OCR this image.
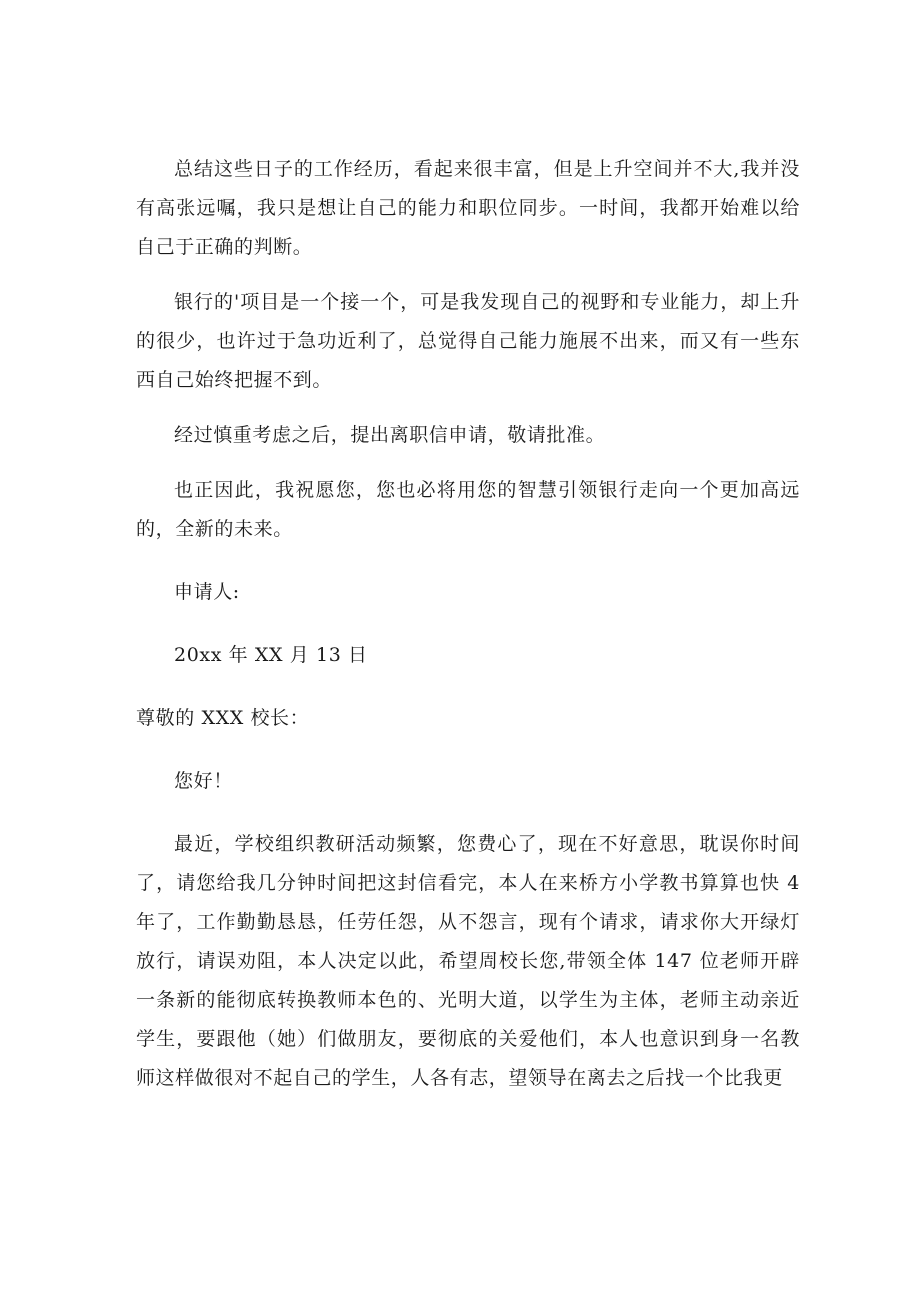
总结这些日子的工作经历，看起来很丰富，但是上升空间并不大,我并没有高张远嘱，我只是想让自己的能力和职位同步。一时间，我都开始难以给自己于正确的判断。

银行的'项目是一个接一个，可是我发现自己的视野和专业能力，却上升的很少，也许过于急功近利了，总觉得自己能力施展不出来，而又有一些东西自己始终把握不到。

经过慎重考虑之后，提出离职信申请，敬请批准。

也正因此，我祝愿您，您也必将用您的智慧引领银行走向一个更加高远的，全新的未来。

申请人:

20xx 年 XX 月 13 日

尊敬的 XXX 校长：

您好！

最近，学校组织教研活动频繁，您费心了，现在不好意思，耽误你时间了，请您给我几分钟时间把这封信看完，本人在来桥方小学教书算算也快 4 年了，工作勤勤恳恳，任劳任怨，从不怨言，现有个请求，请求你大开绿灯放行，请误劝阻，本人决定以此，希望周校长您,带领全体 147 位老师开辟一条新的能彻底转换教师本色的、光明大道，以学生为主体，老师主动亲近学生，要跟他（她）们做朋友，要彻底的关爱他们，本人也意识到身一名教师这样做很对不起自己的学生，人各有志，望领导在离去之后找一个比我更
